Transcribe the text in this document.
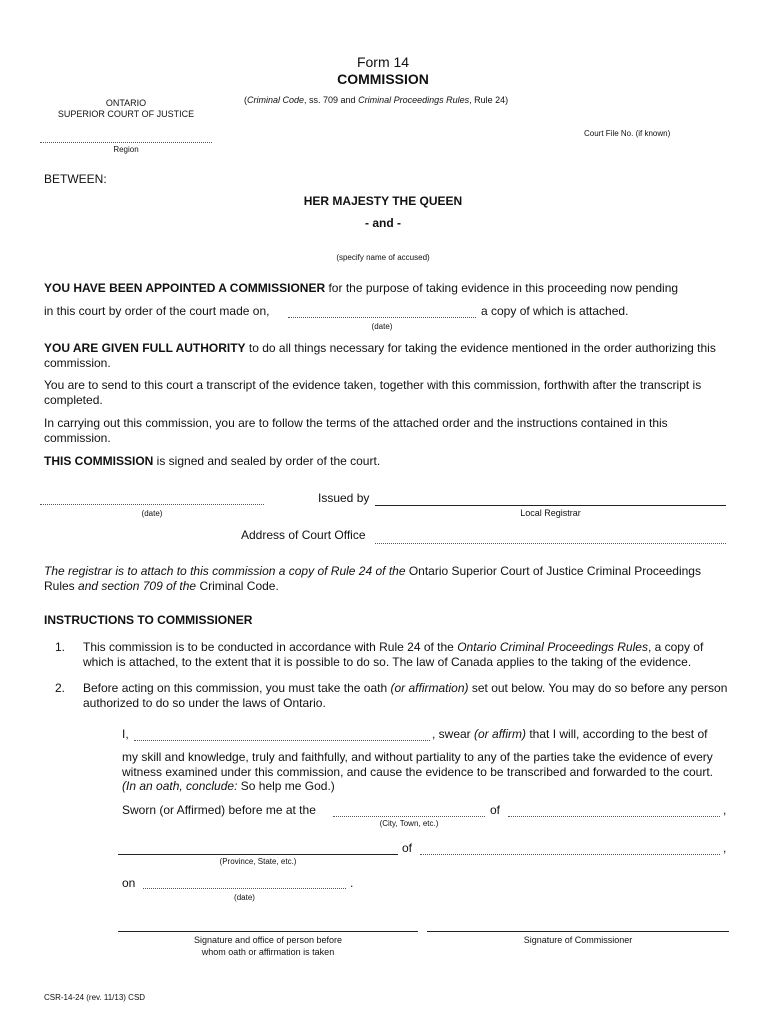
Form 14
COMMISSION
(Criminal Code, ss. 709 and Criminal Proceedings Rules, Rule 24)
ONTARIO
SUPERIOR COURT OF JUSTICE
Court File No. (if known)
Region
BETWEEN:
HER MAJESTY THE QUEEN
- and -
(specify name of accused)
YOU HAVE BEEN APPOINTED A COMMISSIONER for the purpose of taking evidence in this proceeding now pending
in this court by order of the court made on,	a copy of which is attached.
(date)
YOU ARE GIVEN FULL AUTHORITY to do all things necessary for taking the evidence mentioned in the order authorizing this commission.
You are to send to this court a transcript of the evidence taken, together with this commission, forthwith after the transcript is completed.
In carrying out this commission, you are to follow the terms of the attached order and the instructions contained in this commission.
THIS COMMISSION is signed and sealed by order of the court.
(date)
Issued by
Local Registrar
Address of Court Office
The registrar is to attach to this commission a copy of Rule 24 of the Ontario Superior Court of Justice Criminal Proceedings Rules and section 709 of the Criminal Code.
INSTRUCTIONS TO COMMISSIONER
1. This commission is to be conducted in accordance with Rule 24 of the Ontario Criminal Proceedings Rules, a copy of which is attached, to the extent that it is possible to do so. The law of Canada applies to the taking of the evidence.
2. Before acting on this commission, you must take the oath (or affirmation) set out below. You may do so before any person authorized to do so under the laws of Ontario.
I,	, swear (or affirm) that I will, according to the best of
my skill and knowledge, truly and faithfully, and without partiality to any of the parties take the evidence of every witness examined under this commission, and cause the evidence to be transcribed and forwarded to the court. (In an oath, conclude: So help me God.)
Sworn (or Affirmed) before me at the
(City, Town, etc.)
of	,
(Province, State, etc.)
of	,
on	.
(date)
Signature and office of person before
whom oath or affirmation is taken
Signature of Commissioner
CSR-14-24 (rev. 11/13) CSD
